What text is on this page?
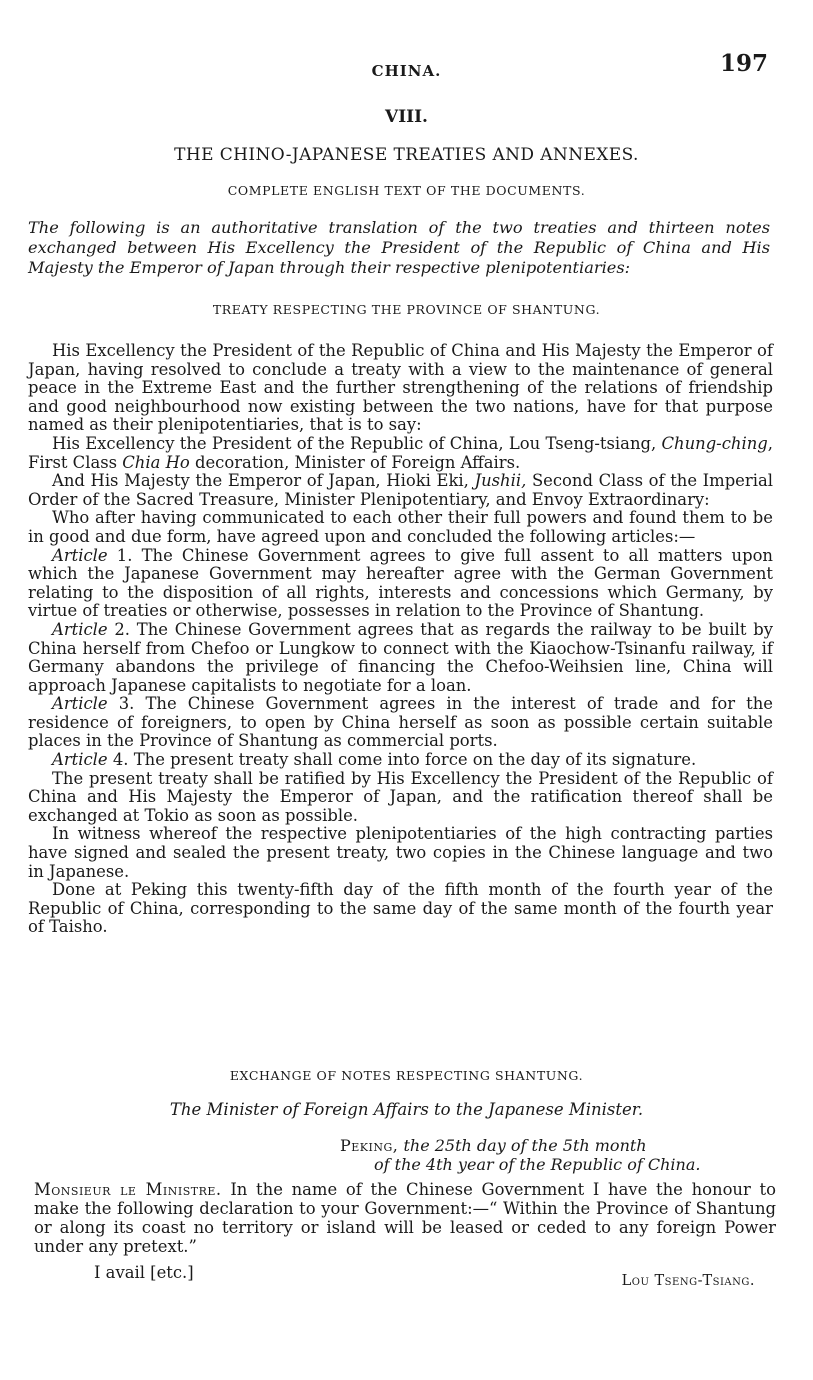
CHINA.	197
VIII.
THE CHINO-JAPANESE TREATIES AND ANNEXES.
COMPLETE ENGLISH TEXT OF THE DOCUMENTS.
The following is an authoritative translation of the two treaties and thirteen notes exchanged between His Excellency the President of the Republic of China and His Majesty the Emperor of Japan through their respective plenipotentiaries:
TREATY RESPECTING THE PROVINCE OF SHANTUNG.

His Excellency the President of the Republic of China and His Majesty the Emperor of Japan, having resolved to conclude a treaty with a view to the maintenance of general peace in the Extreme East and the further strengthening of the relations of friendship and good neighbourhood now existing between the two nations, have for that purpose named as their plenipotentiaries, that is to say:

His Excellency the President of the Republic of China, Lou Tseng-tsiang, Chung-ching, First Class Chia Ho decoration, Minister of Foreign Affairs.

And His Majesty the Emperor of Japan, Hioki Eki, Jushii, Second Class of the Imperial Order of the Sacred Treasure, Minister Plenipotentiary, and Envoy Extraordinary:

Who after having communicated to each other their full powers and found them to be in good and due form, have agreed upon and concluded the following articles:—

Article 1. The Chinese Government agrees to give full assent to all matters upon which the Japanese Government may hereafter agree with the German Government relating to the disposition of all rights, interests and concessions which Germany, by virtue of treaties or otherwise, possesses in relation to the Province of Shantung.

Article 2. The Chinese Government agrees that as regards the railway to be built by China herself from Chefoo or Lungkow to connect with the Kiaochow-Tsinanfu railway, if Germany abandons the privilege of financing the Chefoo-Weihsien line, China will approach Japanese capitalists to negotiate for a loan.

Article 3. The Chinese Government agrees in the interest of trade and for the residence of foreigners, to open by China herself as soon as possible certain suitable places in the Province of Shantung as commercial ports.

Article 4. The present treaty shall come into force on the day of its signature.

The present treaty shall be ratified by His Excellency the President of the Republic of China and His Majesty the Emperor of Japan, and the ratification thereof shall be exchanged at Tokio as soon as possible.

In witness whereof the respective plenipotentiaries of the high contracting parties have signed and sealed the present treaty, two copies in the Chinese language and two in Japanese.

Done at Peking this twenty-fifth day of the fifth month of the fourth year of the Republic of China, corresponding to the same day of the same month of the fourth year of Taisho.

EXCHANGE OF NOTES RESPECTING SHANTUNG.
The Minister of Foreign Affairs to the Japanese Minister.
Peking, the 25th day of the 5th month
of the 4th year of the Republic of China.

Monsieur le Ministre. In the name of the Chinese Government I have the honour to make the following declaration to your Government:—“ Within the Province of Shantung or along its coast no territory or island will be leased or ceded to any foreign Power under any pretext.”

I avail [etc.]	Lou Tseng-Tsiang.
